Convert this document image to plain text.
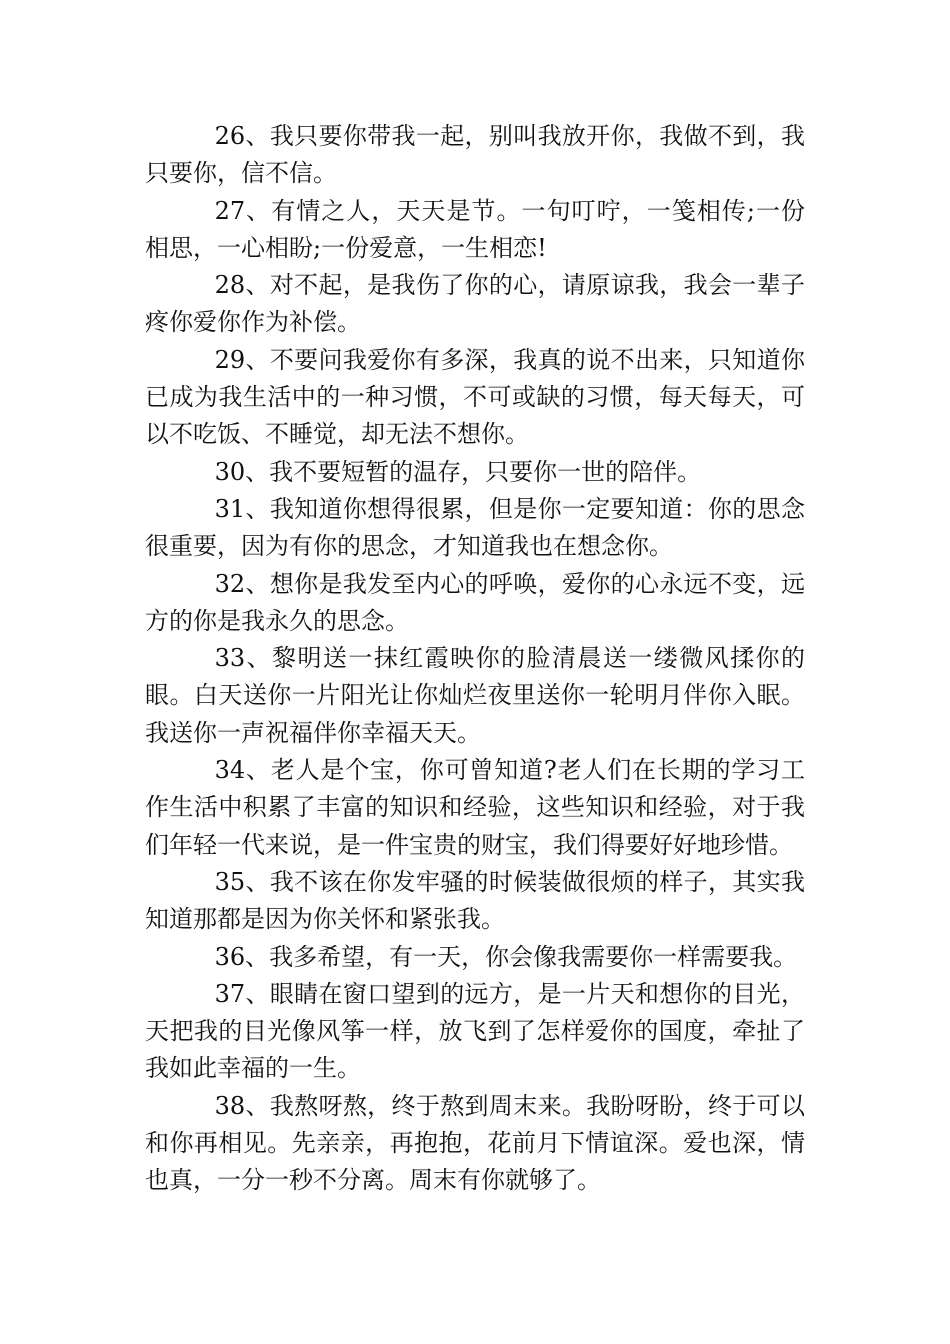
26、我只要你带我一起，别叫我放开你，我做不到，我只要你，信不信。

27、有情之人，天天是节。一句叮咛，一笺相传;一份相思，一心相盼;一份爱意，一生相恋!

28、对不起，是我伤了你的心，请原谅我，我会一辈子疼你爱你作为补偿。

29、不要问我爱你有多深，我真的说不出来，只知道你已成为我生活中的一种习惯，不可或缺的习惯，每天每天，可以不吃饭、不睡觉，却无法不想你。

30、我不要短暂的温存，只要你一世的陪伴。

31、我知道你想得很累，但是你一定要知道：你的思念很重要，因为有你的思念，才知道我也在想念你。

32、想你是我发至内心的呼唤，爱你的心永远不变，远方的你是我永久的思念。

33、黎明送一抹红霞映你的脸清晨送一缕微风揉你的眼。白天送你一片阳光让你灿烂夜里送你一轮明月伴你入眠。我送你一声祝福伴你幸福天天。

34、老人是个宝，你可曾知道?老人们在长期的学习工作生活中积累了丰富的知识和经验，这些知识和经验，对于我们年轻一代来说，是一件宝贵的财宝，我们得要好好地珍惜。

35、我不该在你发牢骚的时候装做很烦的样子，其实我知道那都是因为你关怀和紧张我。

36、我多希望，有一天，你会像我需要你一样需要我。

37、眼睛在窗口望到的远方，是一片天和想你的目光，天把我的目光像风筝一样，放飞到了怎样爱你的国度，牵扯了我如此幸福的一生。

38、我熬呀熬，终于熬到周末来。我盼呀盼，终于可以和你再相见。先亲亲，再抱抱，花前月下情谊深。爱也深，情也真，一分一秒不分离。周末有你就够了。
